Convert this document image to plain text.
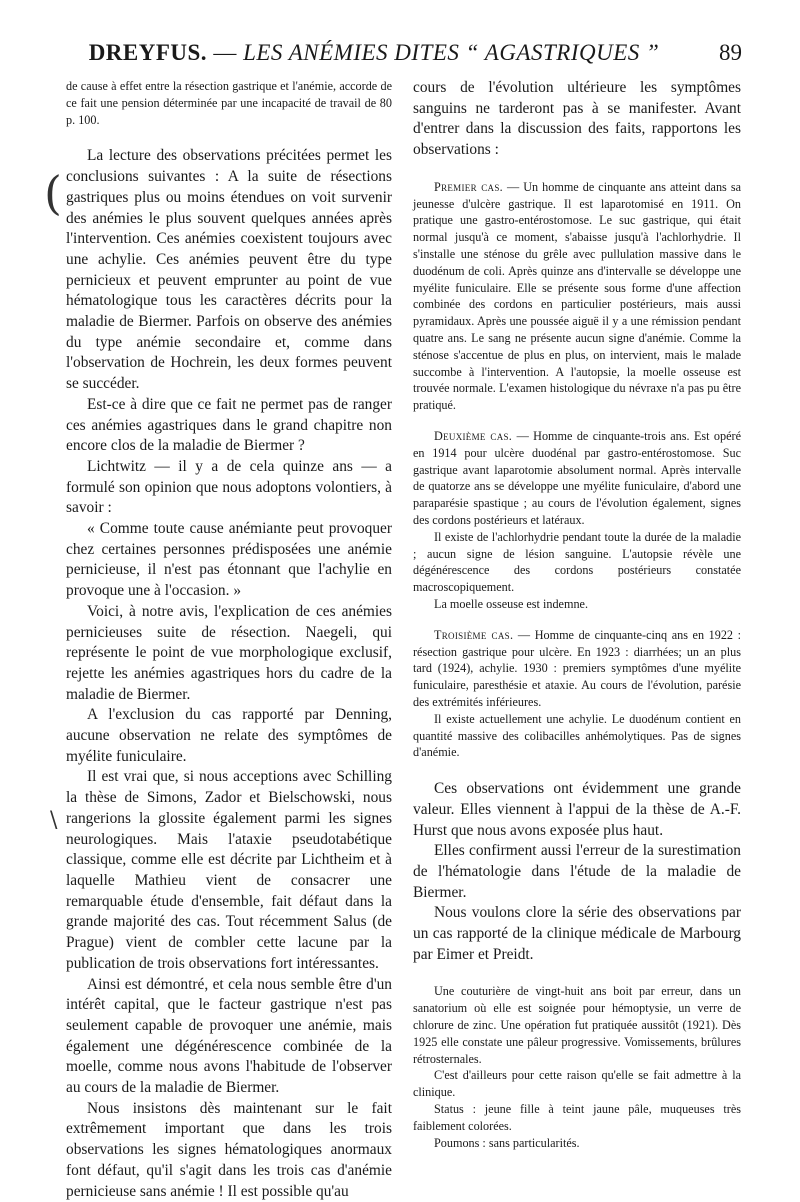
DREYFUS. — LES ANÉMIES DITES “ AGASTRIQUES ”	89
(
\

de cause à effet entre la résection gastrique et l'anémie, accorde de ce fait une pension déterminée par une incapacité de travail de 80 p. 100.

La lecture des observations précitées permet les conclusions suivantes : A la suite de résections gastriques plus ou moins étendues on voit survenir des anémies le plus souvent quelques années après l'intervention. Ces anémies coexistent toujours avec une achylie. Ces anémies peuvent être du type pernicieux et peuvent emprunter au point de vue hématologique tous les caractères décrits pour la maladie de Biermer. Parfois on observe des anémies du type anémie secondaire et, comme dans l'observation de Hochrein, les deux formes peuvent se succéder.

Est-ce à dire que ce fait ne permet pas de ranger ces anémies agastriques dans le grand chapitre non encore clos de la maladie de Biermer ?

Lichtwitz — il y a de cela quinze ans — a formulé son opinion que nous adoptons volontiers, à savoir :

« Comme toute cause anémiante peut provoquer chez certaines personnes prédisposées une anémie pernicieuse, il n'est pas étonnant que l'achylie en provoque une à l'occasion. »

Voici, à notre avis, l'explication de ces anémies pernicieuses suite de résection. Naegeli, qui représente le point de vue morphologique exclusif, rejette les anémies agastriques hors du cadre de la maladie de Biermer.

A l'exclusion du cas rapporté par Denning, aucune observation ne relate des symptômes de myélite funiculaire.

Il est vrai que, si nous acceptions avec Schilling la thèse de Simons, Zador et Bielschowski, nous rangerions la glossite également parmi les signes neurologiques. Mais l'ataxie pseudotabétique classique, comme elle est décrite par Lichtheim et à laquelle Mathieu vient de consacrer une remarquable étude d'ensemble, fait défaut dans la grande majorité des cas. Tout récemment Salus (de Prague) vient de combler cette lacune par la publication de trois observations fort intéressantes.

Ainsi est démontré, et cela nous semble être d'un intérêt capital, que le facteur gastrique n'est pas seulement capable de provoquer une anémie, mais également une dégénérescence combinée de la moelle, comme nous avons l'habitude de l'observer au cours de la maladie de Biermer.

Nous insistons dès maintenant sur le fait extrêmement important que dans les trois observations les signes hématologiques anormaux font défaut, qu'il s'agit dans les trois cas d'anémie pernicieuse sans anémie ! Il est possible qu'au

cours de l'évolution ultérieure les symptômes sanguins ne tarderont pas à se manifester. Avant d'entrer dans la discussion des faits, rapportons les observations :

Premier cas. — Un homme de cinquante ans atteint dans sa jeunesse d'ulcère gastrique. Il est laparotomisé en 1911. On pratique une gastro-entérostomose. Le suc gastrique, qui était normal jusqu'à ce moment, s'abaisse jusqu'à l'achlorhydrie. Il s'installe une sténose du grêle avec pullulation massive dans le duodénum de coli. Après quinze ans d'intervalle se développe une myélite funiculaire. Elle se présente sous forme d'une affection combinée des cordons en particulier postérieurs, mais aussi pyramidaux. Après une poussée aiguë il y a une rémission pendant quatre ans. Le sang ne présente aucun signe d'anémie. Comme la sténose s'accentue de plus en plus, on intervient, mais le malade succombe à l'intervention. A l'autopsie, la moelle osseuse est trouvée normale. L'examen histologique du névraxe n'a pas pu être pratiqué.

Deuxième cas. — Homme de cinquante-trois ans. Est opéré en 1914 pour ulcère duodénal par gastro-entérostomose. Suc gastrique avant laparotomie absolument normal. Après intervalle de quatorze ans se développe une myélite funiculaire, d'abord une paraparésie spastique ; au cours de l'évolution également, signes des cordons postérieurs et latéraux.

Il existe de l'achlorhydrie pendant toute la durée de la maladie ; aucun signe de lésion sanguine. L'autopsie révèle une dégénérescence des cordons postérieurs constatée macroscopiquement.

La moelle osseuse est indemne.

Troisième cas. — Homme de cinquante-cinq ans en 1922 : résection gastrique pour ulcère. En 1923 : diarrhées; un an plus tard (1924), achylie. 1930 : premiers symptômes d'une myélite funiculaire, paresthésie et ataxie. Au cours de l'évolution, parésie des extrémités inférieures.

Il existe actuellement une achylie. Le duodénum contient en quantité massive des colibacilles anhémolytiques. Pas de signes d'anémie.

Ces observations ont évidemment une grande valeur. Elles viennent à l'appui de la thèse de A.-F. Hurst que nous avons exposée plus haut.

Elles confirment aussi l'erreur de la surestimation de l'hématologie dans l'étude de la maladie de Biermer.

Nous voulons clore la série des observations par un cas rapporté de la clinique médicale de Marbourg par Eimer et Preidt.

Une couturière de vingt-huit ans boit par erreur, dans un sanatorium où elle est soignée pour hémoptysie, un verre de chlorure de zinc. Une opération fut pratiquée aussitôt (1921). Dès 1925 elle constate une pâleur progressive. Vomissements, brûlures rétrosternales.

C'est d'ailleurs pour cette raison qu'elle se fait admettre à la clinique.

Status : jeune fille à teint jaune pâle, muqueuses très faiblement colorées.

Poumons : sans particularités.
